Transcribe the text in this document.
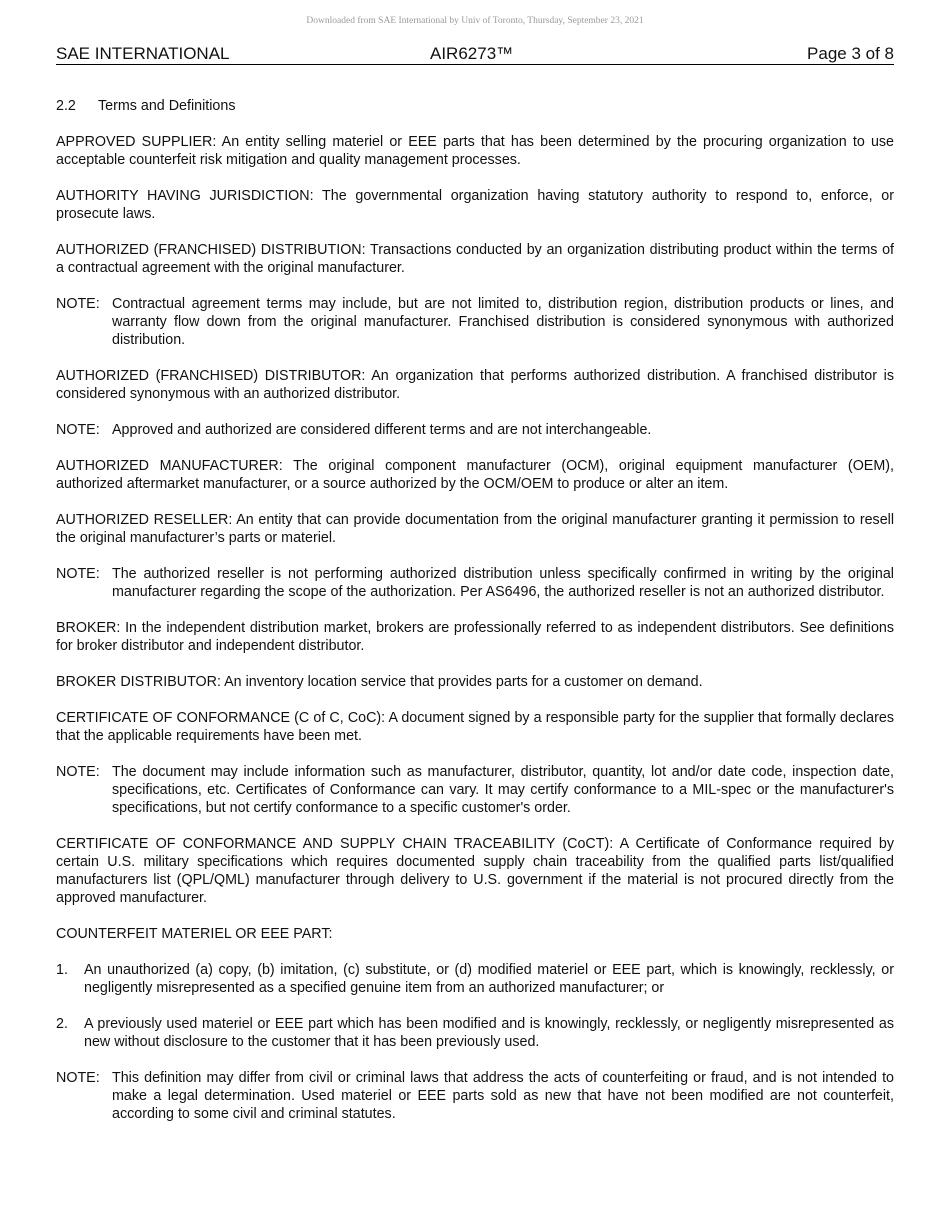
Downloaded from SAE International by Univ of Toronto, Thursday, September 23, 2021
SAE INTERNATIONAL	AIR6273™	Page 3 of 8
2.2 Terms and Definitions

APPROVED SUPPLIER: An entity selling materiel or EEE parts that has been determined by the procuring organization to use acceptable counterfeit risk mitigation and quality management processes.

AUTHORITY HAVING JURISDICTION: The governmental organization having statutory authority to respond to, enforce, or prosecute laws.

AUTHORIZED (FRANCHISED) DISTRIBUTION: Transactions conducted by an organization distributing product within the terms of a contractual agreement with the original manufacturer.

NOTE: Contractual agreement terms may include, but are not limited to, distribution region, distribution products or lines, and warranty flow down from the original manufacturer. Franchised distribution is considered synonymous with authorized distribution.

AUTHORIZED (FRANCHISED) DISTRIBUTOR: An organization that performs authorized distribution. A franchised distributor is considered synonymous with an authorized distributor.

NOTE: Approved and authorized are considered different terms and are not interchangeable.

AUTHORIZED MANUFACTURER: The original component manufacturer (OCM), original equipment manufacturer (OEM), authorized aftermarket manufacturer, or a source authorized by the OCM/OEM to produce or alter an item.

AUTHORIZED RESELLER: An entity that can provide documentation from the original manufacturer granting it permission to resell the original manufacturer’s parts or materiel.

NOTE: The authorized reseller is not performing authorized distribution unless specifically confirmed in writing by the original manufacturer regarding the scope of the authorization. Per AS6496, the authorized reseller is not an authorized distributor.

BROKER: In the independent distribution market, brokers are professionally referred to as independent distributors. See definitions for broker distributor and independent distributor.

BROKER DISTRIBUTOR: An inventory location service that provides parts for a customer on demand.

CERTIFICATE OF CONFORMANCE (C of C, CoC): A document signed by a responsible party for the supplier that formally declares that the applicable requirements have been met.

NOTE: The document may include information such as manufacturer, distributor, quantity, lot and/or date code, inspection date, specifications, etc. Certificates of Conformance can vary. It may certify conformance to a MIL-spec or the manufacturer's specifications, but not certify conformance to a specific customer's order.

CERTIFICATE OF CONFORMANCE AND SUPPLY CHAIN TRACEABILITY (CoCT): A Certificate of Conformance required by certain U.S. military specifications which requires documented supply chain traceability from the qualified parts list/qualified manufacturers list (QPL/QML) manufacturer through delivery to U.S. government if the material is not procured directly from the approved manufacturer.

COUNTERFEIT MATERIEL OR EEE PART:

1.	An unauthorized (a) copy, (b) imitation, (c) substitute, or (d) modified materiel or EEE part, which is knowingly, recklessly, or negligently misrepresented as a specified genuine item from an authorized manufacturer; or
2.	A previously used materiel or EEE part which has been modified and is knowingly, recklessly, or negligently misrepresented as new without disclosure to the customer that it has been previously used.
NOTE: This definition may differ from civil or criminal laws that address the acts of counterfeiting or fraud, and is not intended to make a legal determination. Used materiel or EEE parts sold as new that have not been modified are not counterfeit, according to some civil and criminal statutes.
